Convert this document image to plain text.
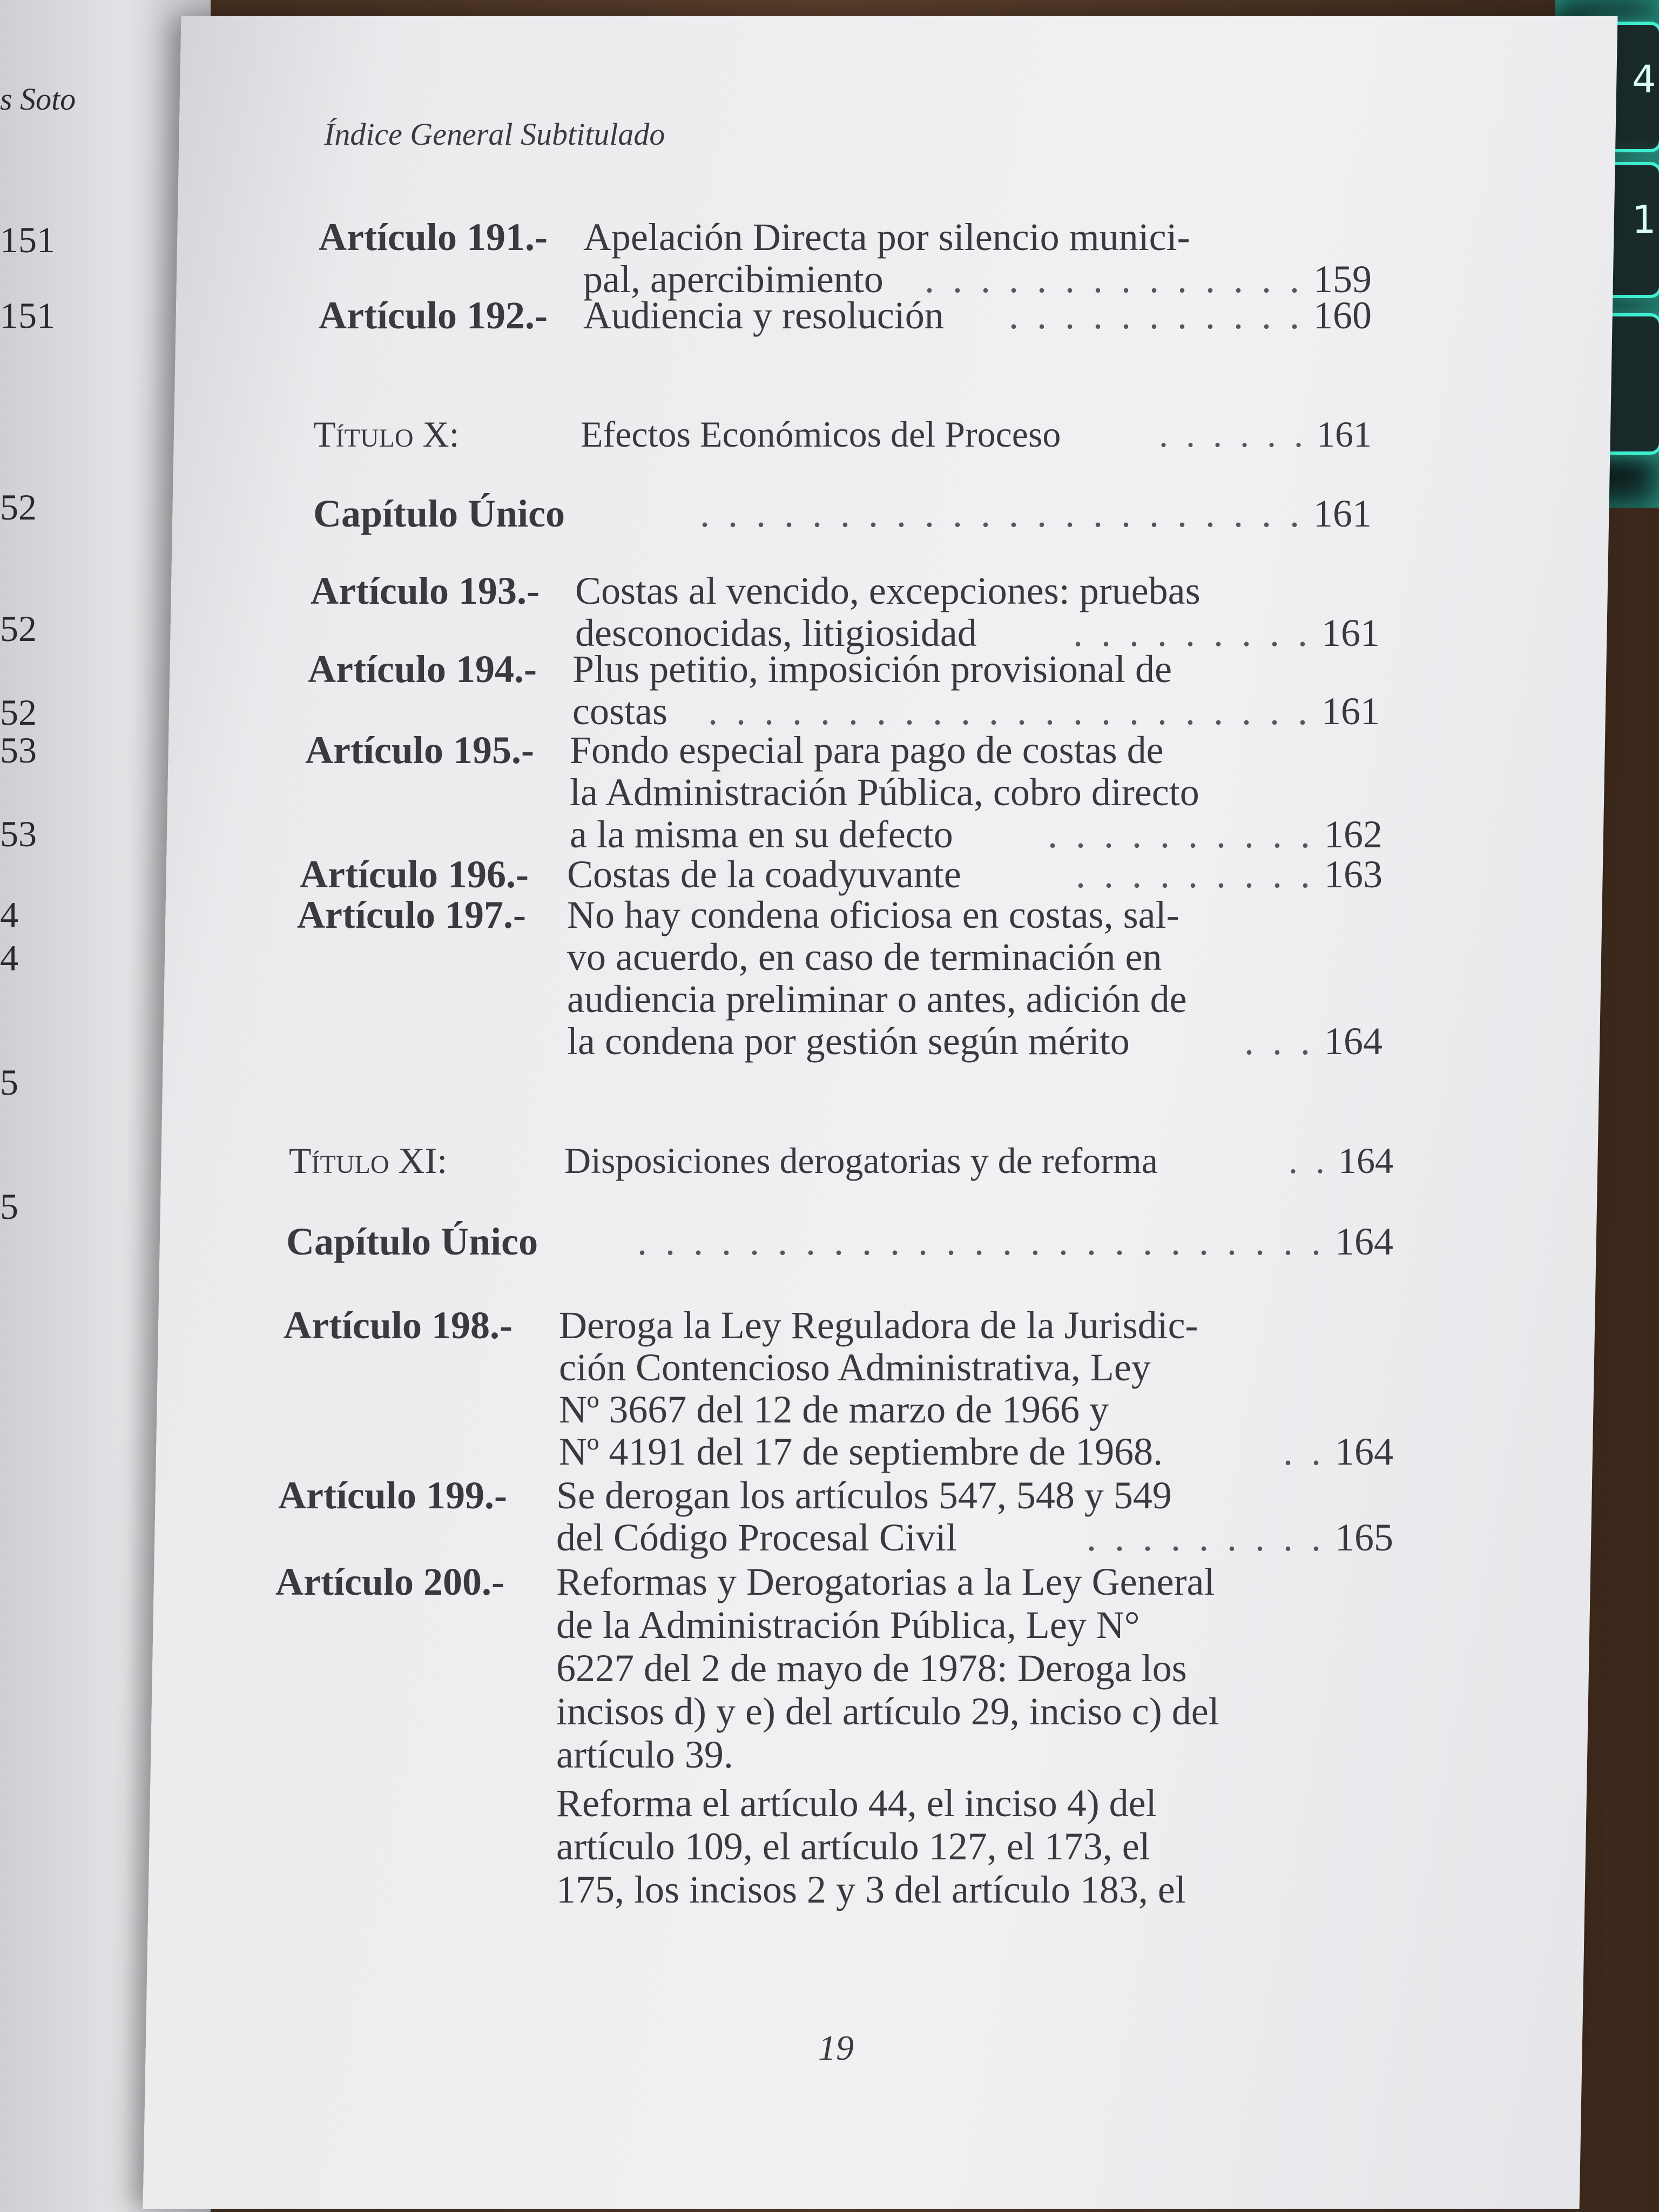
4
1
s Soto
151
151
52
52
52
53
53
4
4
5
5
Índice General Subtitulado
Artículo 191.- Apelación Directa por silencio munici-
pal, apercibimiento . . . . . . . . . . . . . . 159
Artículo 192.- Audiencia y resolución . . . . . . . . . . . 160
Título X:	Efectos Económicos del Proceso	. . . . . . 161
Capítulo Único	. . . . . . . . . . . . . . . . . . . . . . 161
Artículo 193.- Costas al vencido, excepciones: pruebas
desconocidas, litigiosidad . . . . . . . . . 161
Artículo 194.- Plus petitio, imposición provisional de
costas . . . . . . . . . . . . . . . . . . . . . . 161
Artículo 195.- Fondo especial para pago de costas de
la Administración Pública, cobro directo
a la misma en su defecto . . . . . . . . . . 162
Artículo 196.- Costas de la coadyuvante	. . . . . . . . . 163
Artículo 197.- No hay condena oficiosa en costas, sal-
vo acuerdo, en caso de terminación en
audiencia preliminar o antes, adición de
la condena por gestión según mérito	. . . 164
Título XI:	Disposiciones derogatorias y de reforma	. . 164
Capítulo Único	. . . . . . . . . . . . . . . . . . . . . . . . . 164
Artículo 198.- Deroga la Ley Reguladora de la Jurisdic-
ción Contencioso Administrativa, Ley
Nº 3667 del 12 de marzo de 1966 y
Nº 4191 del 17 de septiembre de 1968.	. . 164
Artículo 199.- Se derogan los artículos 547, 548 y 549
del Código Procesal Civil	. . . . . . . . . 165
Artículo 200.- Reformas y Derogatorias a la Ley General
de la Administración Pública, Ley N°
6227 del 2 de mayo de 1978: Deroga los
incisos d) y e) del artículo 29, inciso c) del
artículo 39.
Reforma el artículo 44, el inciso 4) del
artículo 109, el artículo 127, el 173, el
175, los incisos 2 y 3 del artículo 183, el
19
